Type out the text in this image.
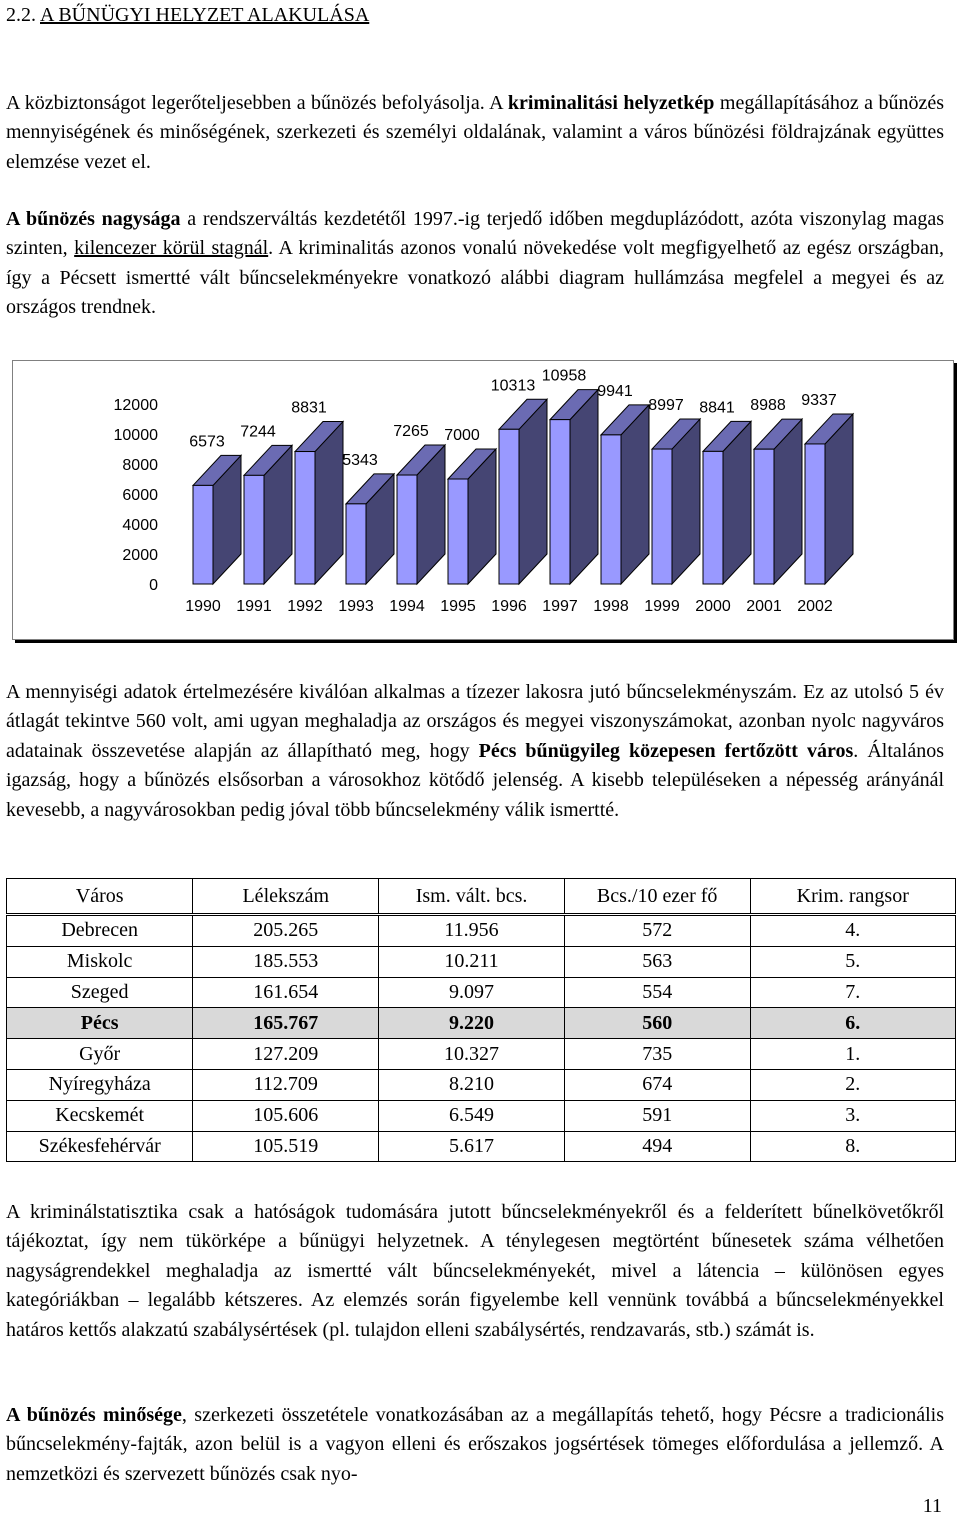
2.2. A BŰNÜGYI HELYZET ALAKULÁSA

A közbiztonságot legerőteljesebben a bűnözés befolyásolja. A kriminalitási helyzetkép megállapításához a bűnözés mennyiségének és minőségének, szerkezeti és személyi oldalának, valamint a város bűnözési földrajzának együttes elemzése vezet el.

A bűnözés nagysága a rendszerváltás kezdetétől 1997.-ig terjedő időben megduplázódott, azóta viszonylag magas szinten, kilencezer körül stagnál. A kriminalitás azonos vonalú növekedése volt megfigyelhető az egész országban, így a Pécsett ismertté vált bűncselekményekre vonatkozó alábbi diagram hullámzása megfelel a megyei és az országos trendnek.

0
2000
4000
6000
8000
10000
12000
6573
7244
8831
5343
7265 7000
10313
10958
9941
8997 8841 8988 9337
1990 1991 1992 1993 1994 1995 1996 1997 1998 1999 2000 2001 2002

A mennyiségi adatok értelmezésére kiválóan alkalmas a tízezer lakosra jutó bűncselekményszám. Ez az utolsó 5 év átlagát tekintve 560 volt, ami ugyan meghaladja az országos és megyei viszonyszámokat, azonban nyolc nagyváros adatainak összevetése alapján az állapítható meg, hogy Pécs bűnügyileg közepesen fertőzött város. Általános igazság, hogy a bűnözés elsősorban a városokhoz kötődő jelenség. A kisebb településeken a népesség arányánál kevesebb, a nagyvárosokban pedig jóval több bűncselekmény válik ismertté.

Város	Lélekszám	Ism. vált. bcs.	Bcs./10 ezer fő	Krim. rangsor
Debrecen	205.265	11.956	572	4.
Miskolc	185.553	10.211	563	5.
Szeged	161.654	9.097	554	7.
Pécs	165.767	9.220	560	6.
Győr	127.209	10.327	735	1.
Nyíregyháza	112.709	8.210	674	2.
Kecskemét	105.606	6.549	591	3.
Székesfehérvár	105.519	5.617	494	8.

A kriminálstatisztika csak a hatóságok tudomására jutott bűncselekményekről és a felderített bűnelkövetőkről tájékoztat, így nem tükörképe a bűnügyi helyzetnek. A ténylegesen megtörtént bűnesetek száma vélhetően nagyságrendekkel meghaladja az ismertté vált bűncselekményekét, mivel a látencia – különösen egyes kategóriákban – legalább kétszeres. Az elemzés során figyelembe kell vennünk továbbá a bűncselekményekkel határos kettős alakzatú szabálysértések (pl. tulajdon elleni szabálysértés, rendzavarás, stb.) számát is.

A bűnözés minősége, szerkezeti összetétele vonatkozásában az a megállapítás tehető, hogy Pécsre a tradicionális bűncselekmény-fajták, azon belül is a vagyon elleni és erőszakos jogsértések tömeges előfordulása a jellemző. A nemzetközi és szervezett bűnözés csak nyo-

11
